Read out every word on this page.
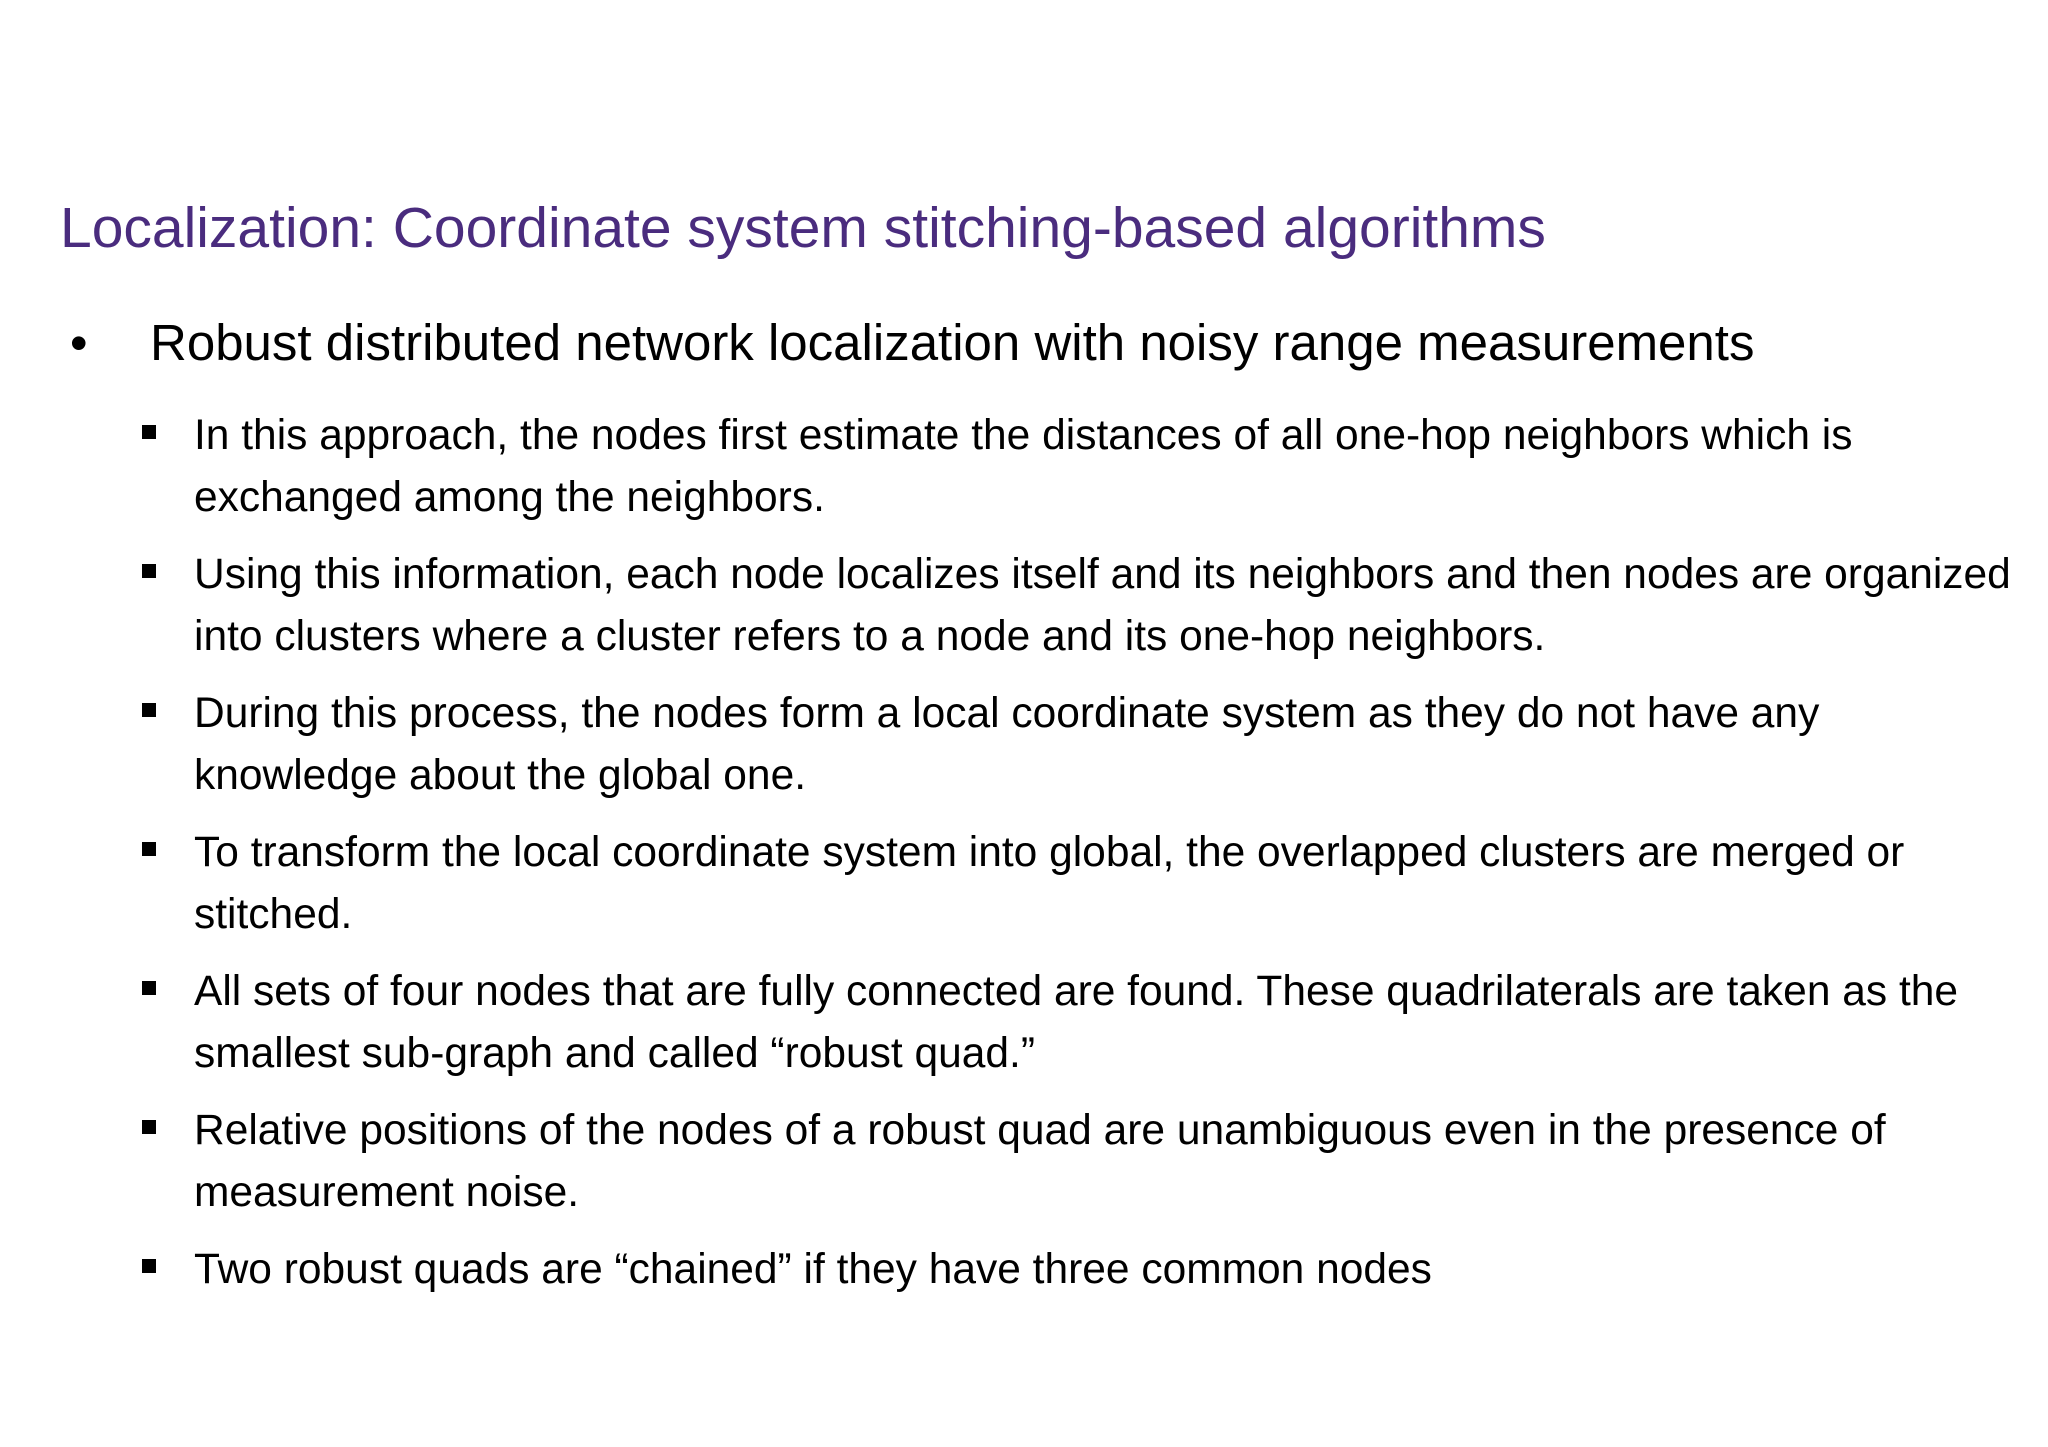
Localization: Coordinate system stitching-based algorithms
•	Robust distributed network localization with noisy range measurements
In this approach, the nodes first estimate the distances of all one-hop neighbors which is exchanged among the neighbors.
Using this information, each node localizes itself and its neighbors and then nodes are organized into clusters where a cluster refers to a node and its one-hop neighbors.
During this process, the nodes form a local coordinate system as they do not have any knowledge about the global one.
To transform the local coordinate system into global, the overlapped clusters are merged or stitched.
All sets of four nodes that are fully connected are found. These quadrilaterals are taken as the smallest sub-graph and called “robust quad.”
Relative positions of the nodes of a robust quad are unambiguous even in the presence of measurement noise.
Two robust quads are “chained” if they have three common nodes
